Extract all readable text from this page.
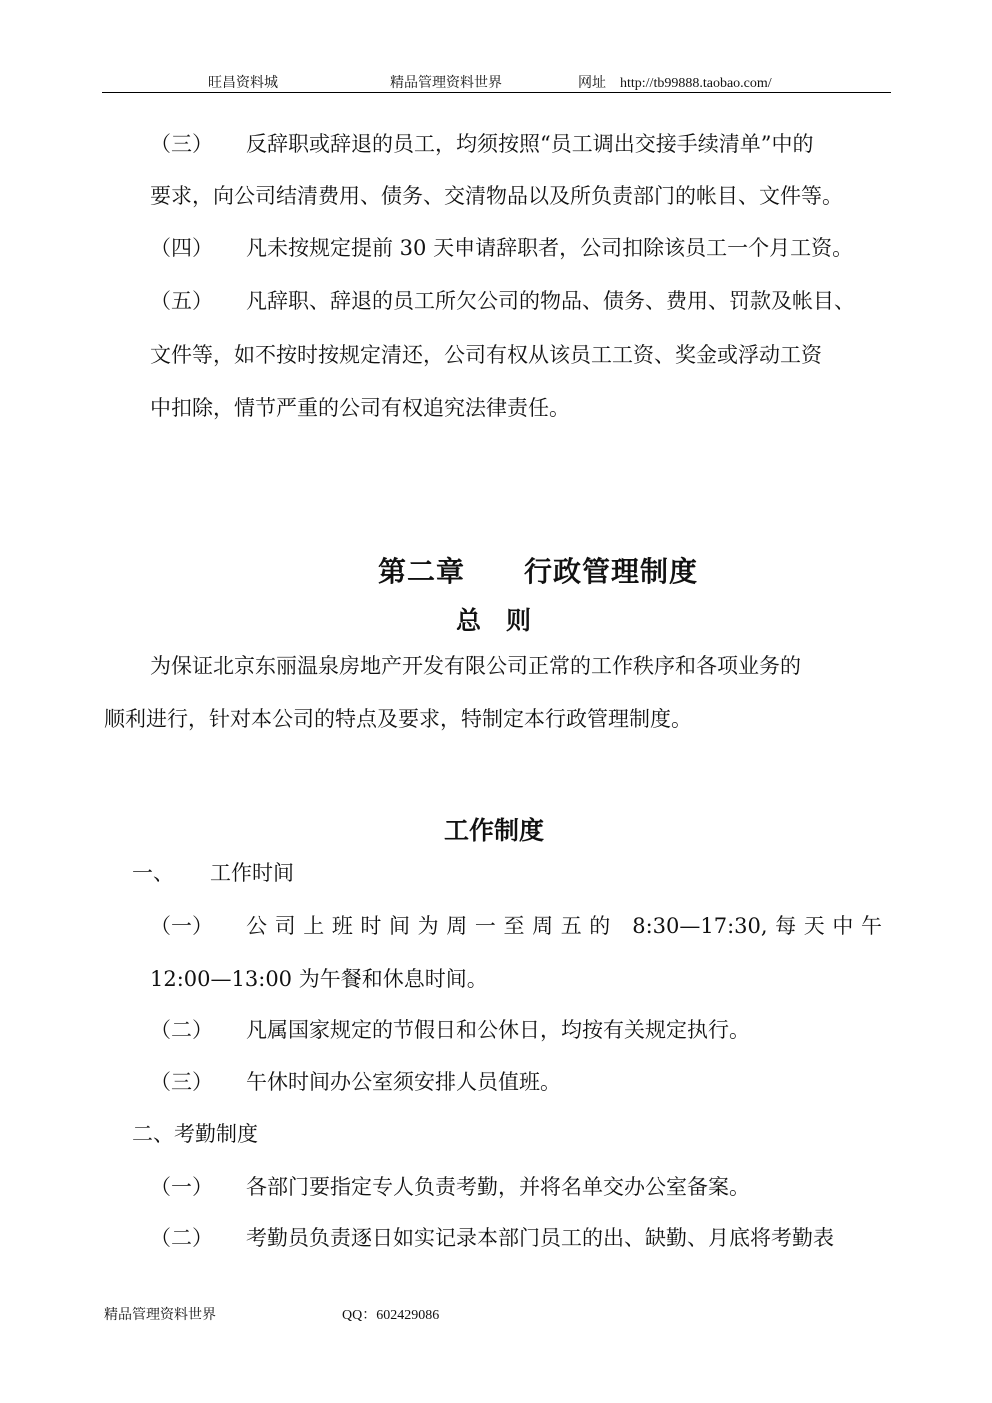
旺昌资料城	精品管理资料世界	网址　http://tb99888.taobao.com/
（三） 反辞职或辞退的员工，均须按照“员工调出交接手续清单”中的
要求，向公司结清费用、债务、交清物品以及所负责部门的帐目、文件等。
（四） 凡未按规定提前 30 天申请辞职者，公司扣除该员工一个月工资。
（五） 凡辞职、辞退的员工所欠公司的物品、债务、费用、罚款及帐目、
文件等，如不按时按规定清还，公司有权从该员工工资、奖金或浮动工资
中扣除，情节严重的公司有权追究法律责任。
第二章 行政管理制度
总　则
为保证北京东丽温泉房地产开发有限公司正常的工作秩序和各项业务的
顺利进行，针对本公司的特点及要求，特制定本行政管理制度。
工作制度
一、 工作时间
（一） 公司上班时间为周一至周五的 8:30—17:30,每天中午
12:00—13:00 为午餐和休息时间。
（二） 凡属国家规定的节假日和公休日，均按有关规定执行。
（三） 午休时间办公室须安排人员值班。
二、考勤制度
（一） 各部门要指定专人负责考勤，并将名单交办公室备案。
（二） 考勤员负责逐日如实记录本部门员工的出、缺勤、月底将考勤表
精品管理资料世界	QQ：602429086
